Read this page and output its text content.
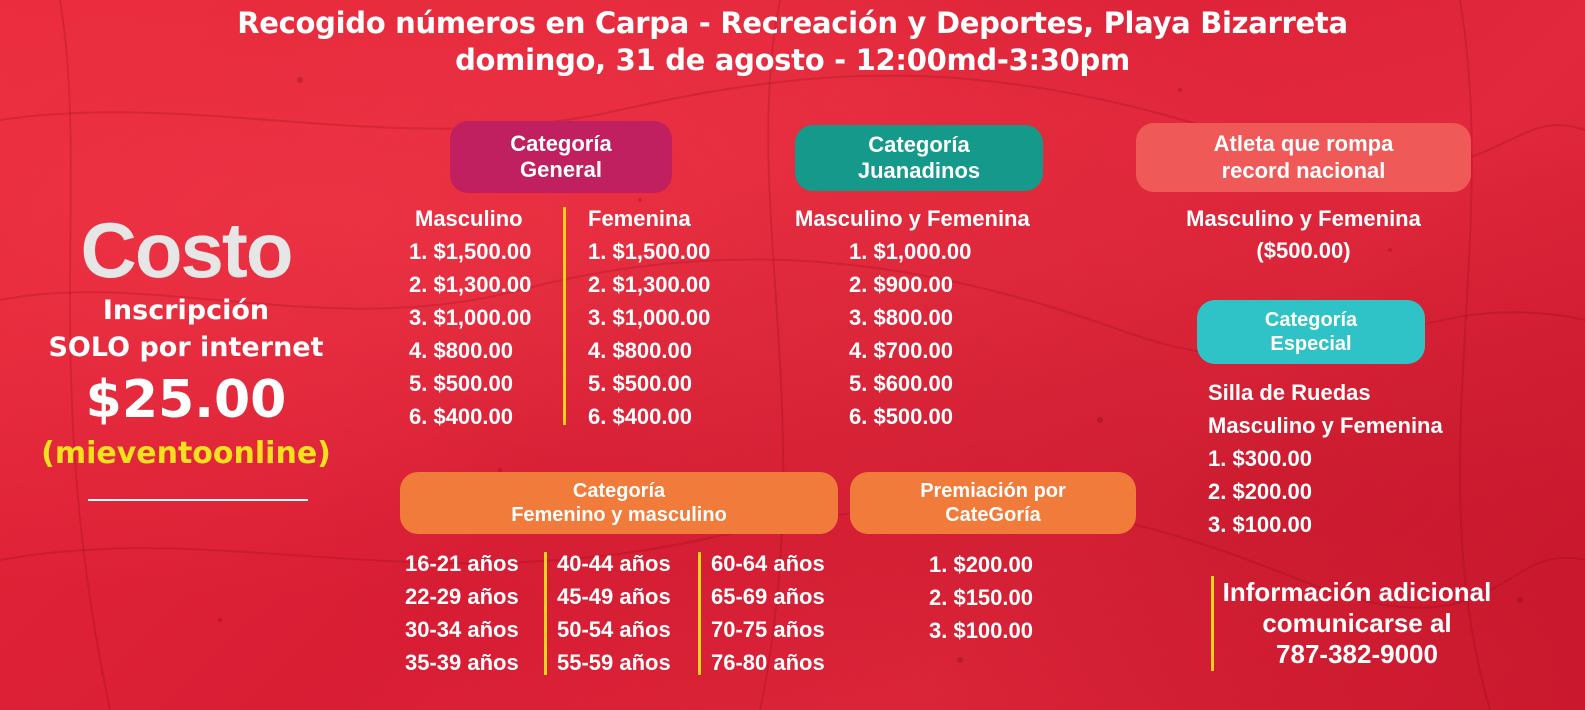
Recogido números en Carpa - Recreación y Deportes, Playa Bizarreta
domingo, 31 de agosto - 12:00md-3:30pm
Costo
Inscripción
SOLO por internet
$25.00
(mieventoonline)
Categoría
General
Masculino
1. $1,500.00
2. $1,300.00
3. $1,000.00
4. $800.00
5. $500.00
6. $400.00
Femenina
1. $1,500.00
2. $1,300.00
3. $1,000.00
4. $800.00
5. $500.00
6. $400.00
Categoría
Juanadinos
Masculino y Femenina
1. $1,000.00
2. $900.00
3. $800.00
4. $700.00
5. $600.00
6. $500.00
Atleta que rompa
record nacional
Masculino y Femenina
($500.00)
Categoría
Especial
Silla de Ruedas
Masculino y Femenina
1. $300.00
2. $200.00
3. $100.00
Categoría
Femenino y masculino
16-21 años
22-29 años
30-34 años
35-39 años
40-44 años
45-49 años
50-54 años
55-59 años
60-64 años
65-69 años
70-75 años
76-80 años
Premiación por
CateGoría
1. $200.00
2. $150.00
3. $100.00
Información adicional
comunicarse al
787-382-9000
